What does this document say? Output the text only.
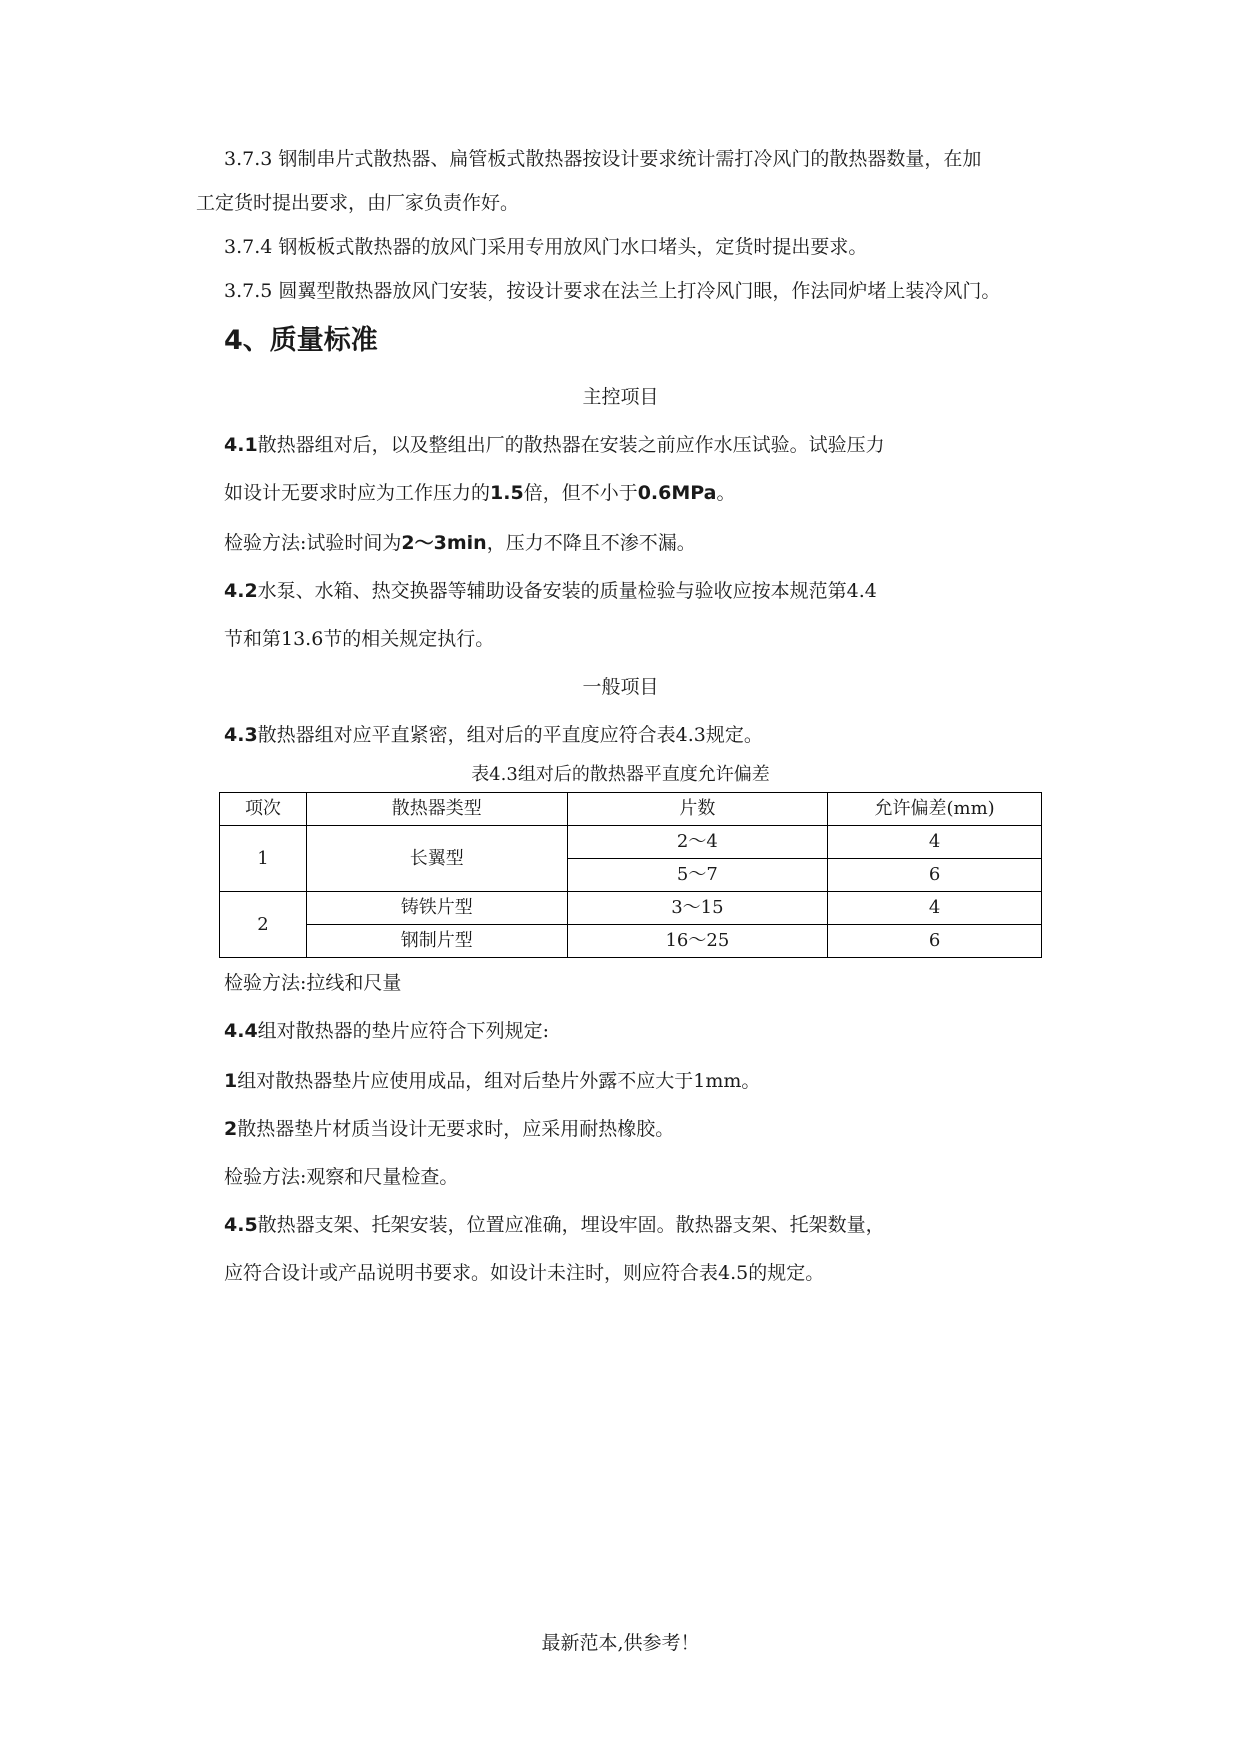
3.7.3 钢制串片式散热器、扁管板式散热器按设计要求统计需打冷风门的散热器数量，在加
工定货时提出要求，由厂家负责作好。
3.7.4 钢板板式散热器的放风门采用专用放风门水口堵头，定货时提出要求。
3.7.5 圆翼型散热器放风门安装，按设计要求在法兰上打冷风门眼，作法同炉堵上装冷风门。
4、质量标准
主控项目
4.1散热器组对后，以及整组出厂的散热器在安装之前应作水压试验。试验压力
如设计无要求时应为工作压力的1.5倍，但不小于0.6MPa。
检验方法:试验时间为2～3min，压力不降且不渗不漏。
4.2水泵、水箱、热交换器等辅助设备安装的质量检验与验收应按本规范第4.4
节和第13.6节的相关规定执行。
一般项目
4.3散热器组对应平直紧密，组对后的平直度应符合表4.3规定。
表4.3组对后的散热器平直度允许偏差
项次	散热器类型	片数	允许偏差(mm)
1	长翼型	2～4	4
		5～7	6
2	铸铁片型	3～15	4
	钢制片型	16～25	6
检验方法:拉线和尺量
4.4组对散热器的垫片应符合下列规定:
1组对散热器垫片应使用成品，组对后垫片外露不应大于1mm。
2散热器垫片材质当设计无要求时，应采用耐热橡胶。
检验方法:观察和尺量检查。
4.5散热器支架、托架安装，位置应准确，埋设牢固。散热器支架、托架数量，
应符合设计或产品说明书要求。如设计未注时，则应符合表4.5的规定。
最新范本,供参考！
